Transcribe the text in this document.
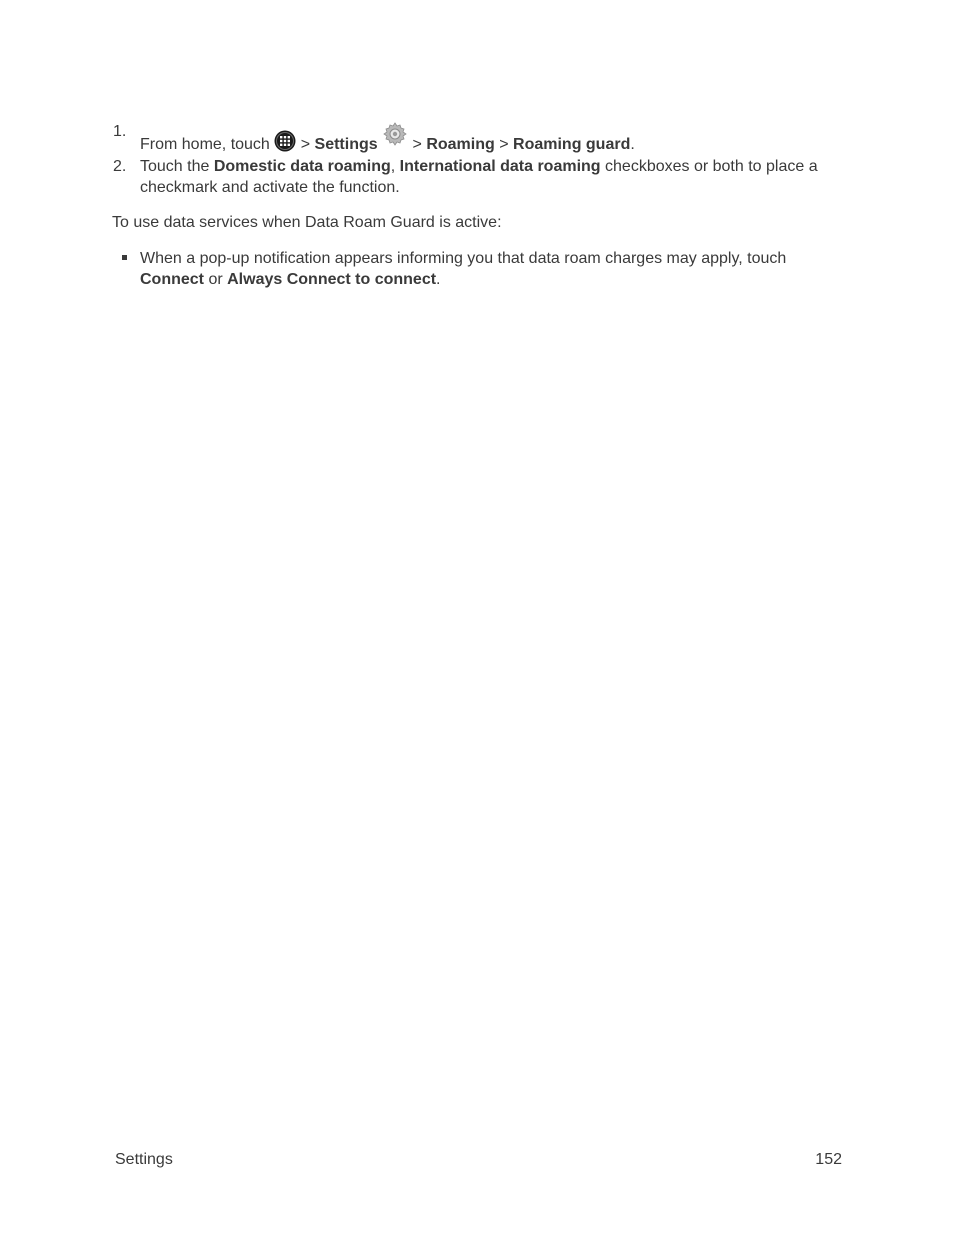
1.
From home, touch  > Settings  > Roaming > Roaming guard.
2. Touch the Domestic data roaming, International data roaming checkboxes or both to place a checkmark and activate the function.
To use data services when Data Roam Guard is active:
When a pop-up notification appears informing you that data roam charges may apply, touch Connect or Always Connect to connect.
Settings	152
